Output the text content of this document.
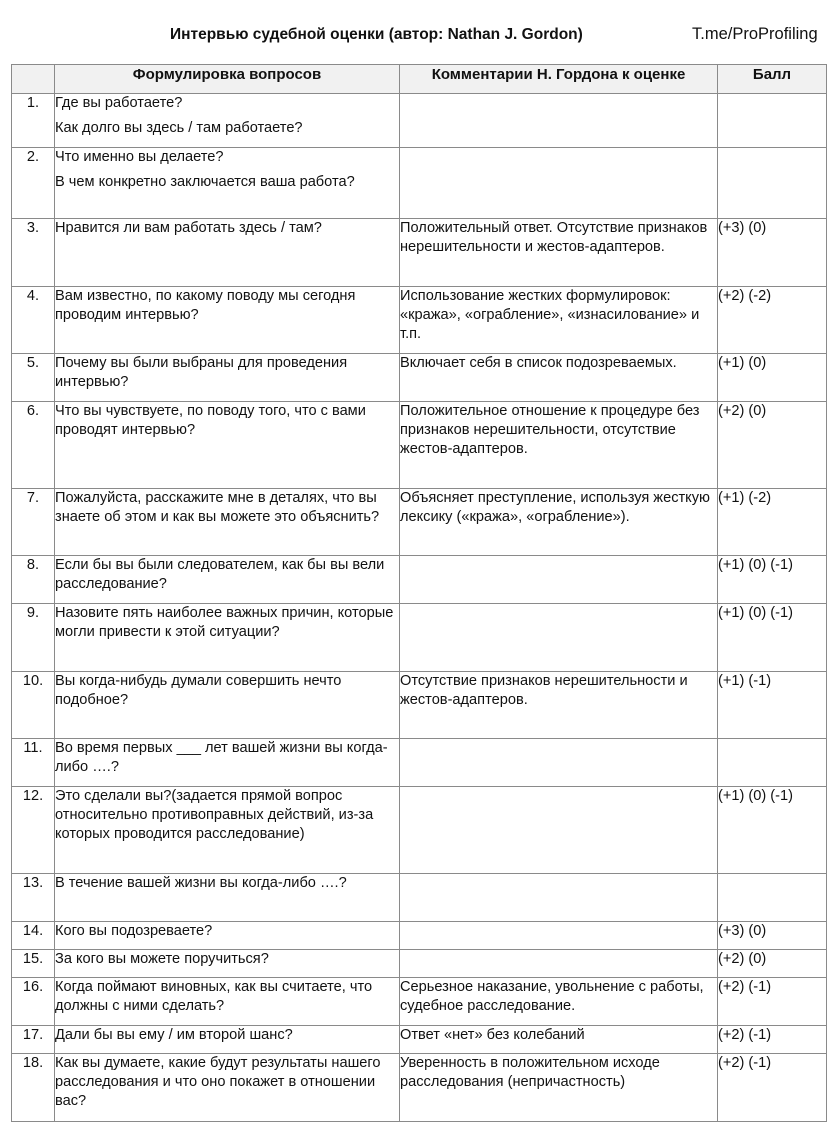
Интервью судебной оценки (автор: Nathan J. Gordon)	T.me/ProProfiling
	Формулировка вопросов	Комментарии Н. Гордона к оценке	Балл
1.	Где вы работаете?
Как долго вы здесь / там работаете?		

2.	Что именно вы делаете?
В чем конкретно заключается ваша работа?		

3.	Нравится ли вам работать здесь / там?	Положительный ответ. Отсутствие признаков нерешительности и жестов-адаптеров.	(+3) (0)
4.	Вам известно, по какому поводу мы сегодня проводим интервью?	Использование жестких формулировок: «кража», «ограбление», «изнасилование» и т.п.	(+2) (-2)
5.	Почему вы были выбраны для проведения интервью?	Включает себя в список подозреваемых.	(+1) (0)
6.	Что вы чувствуете, по поводу того, что с вами проводят интервью?	Положительное отношение к процедуре без признаков нерешительности, отсутствие жестов-адаптеров.	(+2) (0)
7.	Пожалуйста, расскажите мне в деталях, что вы знаете об этом и как вы можете это объяснить?	Объясняет преступление, используя жесткую лексику («кража», «ограбление»).	(+1) (-2)
8.	Если бы вы были следователем, как бы вы вели расследование?		(+1) (0) (-1)
9.	Назовите пять наиболее важных причин, которые могли привести к этой ситуации?		(+1) (0) (-1)
10.	Вы когда-нибудь думали совершить нечто подобное?	Отсутствие признаков нерешительности и жестов-адаптеров.	(+1) (-1)
11.	Во время первых ___ лет вашей жизни вы когда-либо ….?		
12.	Это сделали вы?(задается прямой вопрос относительно противоправных действий, из-за которых проводится расследование)		(+1) (0) (-1)
13.	В течение вашей жизни вы когда-либо ….?		
14.	Кого вы подозреваете?		(+3) (0)
15.	За кого вы можете поручиться?		(+2) (0)
16.	Когда поймают виновных, как вы считаете, что должны с ними сделать?	Серьезное наказание, увольнение с работы, судебное расследование.	(+2) (-1)
17.	Дали бы вы ему / им второй шанс?	Ответ «нет» без колебаний	(+2) (-1)
18.	Как вы думаете, какие будут результаты нашего расследования и что оно покажет в отношении вас?	Уверенность в положительном исходе расследования (непричастность)	(+2) (-1)
